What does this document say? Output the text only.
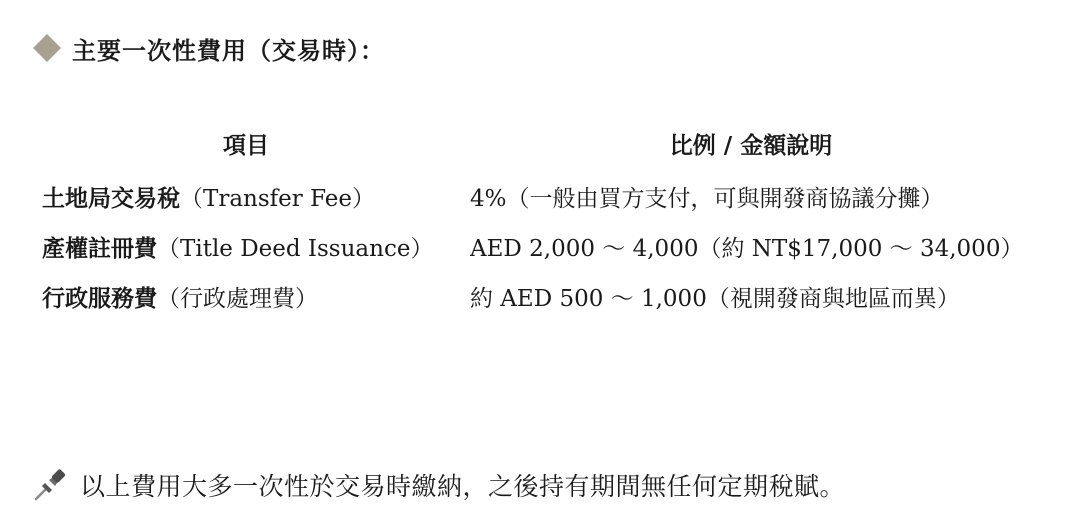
主要一次性費用（交易時）：
項目	比例 / 金額說明
土地局交易稅（Transfer Fee）	4%（一般由買方支付，可與開發商協議分攤）
產權註冊費（Title Deed Issuance）	AED 2,000 ～ 4,000（約 NT$17,000 ～ 34,000）
行政服務費（行政處理費）	約 AED 500 ～ 1,000（視開發商與地區而異）
以上費用大多一次性於交易時繳納，之後持有期間無任何定期稅賦。
